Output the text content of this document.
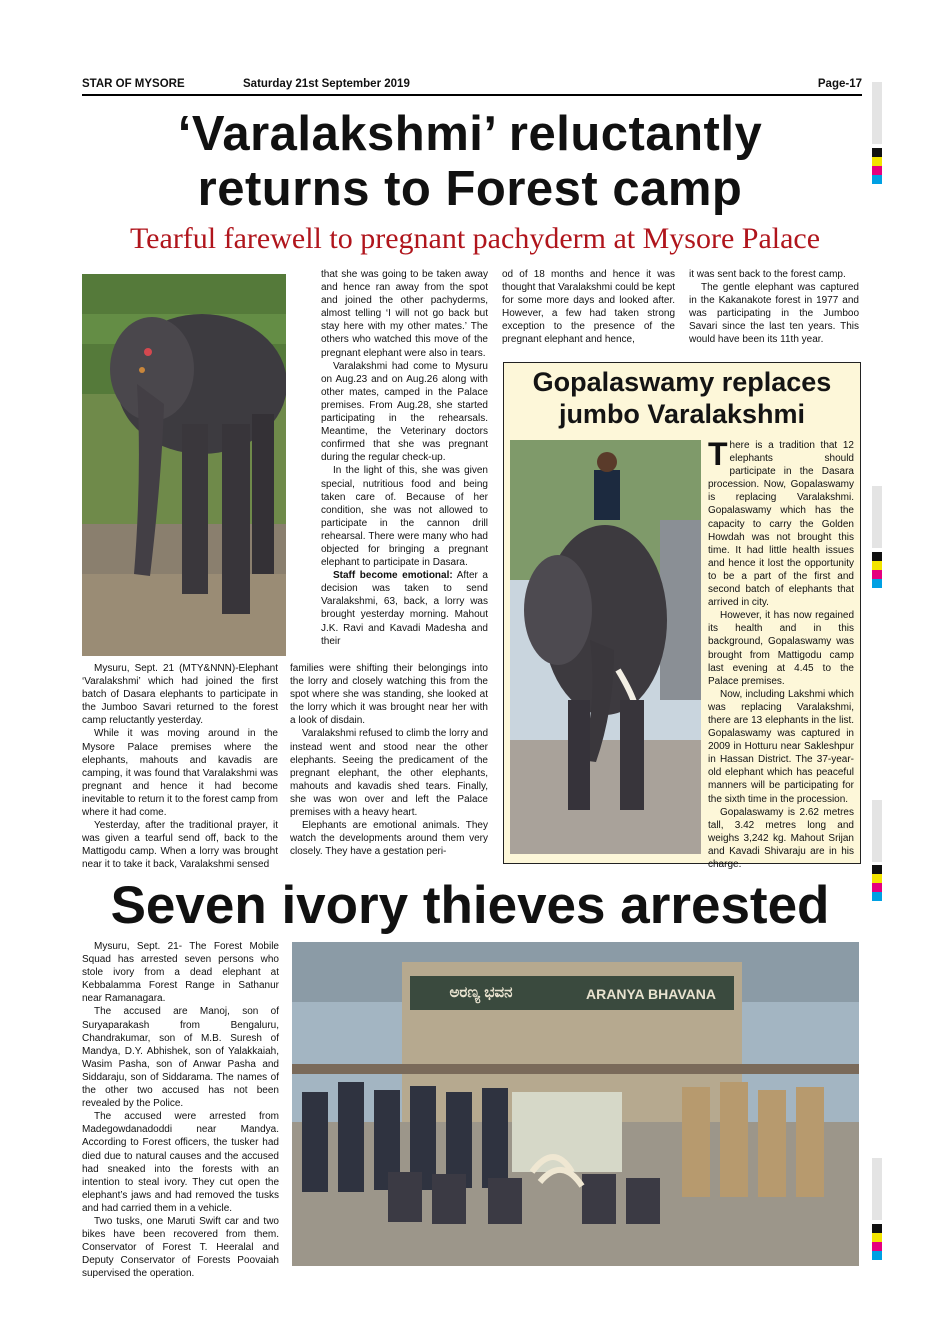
STAR OF MYSORE	Saturday 21st September 2019	Page-17
‘Varalakshmi’ reluctantly
returns to Forest camp
Tearful farewell to pregnant pachyderm at Mysore Palace

Mysuru, Sept. 21 (MTY&NNN)-Elephant ‘Varalakshmi’ which had joined the first batch of Dasara elephants to participate in the Jumboo Savari returned to the forest camp reluctantly yesterday.

While it was moving around in the Mysore Palace premises where the elephants, mahouts and kavadis are camping, it was found that Varalakshmi was pregnant and hence it had become inevitable to return it to the forest camp from where it had come.

Yesterday, after the traditional prayer, it was given a tearful send off, back to the Mattigodu camp. When a lorry was brought near it to take it back, Varalakshmi sensed

that she was going to be taken away and hence ran away from the spot and joined the other pachyderms, almost telling ‘I will not go back but stay here with my other mates.’ The others who watched this move of the pregnant elephant were also in tears.

Varalakshmi had come to Mysuru on Aug.23 and on Aug.26 along with other mates, camped in the Palace premises. From Aug.28, she started participating in the rehearsals. Meantime, the Veterinary doctors confirmed that she was pregnant during the regular check-up.

In the light of this, she was given special, nutritious food and being taken care of. Because of her condition, she was not allowed to participate in the cannon drill rehearsal. There were many who had objected for bringing a pregnant elephant to participate in Dasara.

Staff become emotional: After a decision was taken to send Varalakshmi, 63, back, a lorry was brought yesterday morning. Mahout J.K. Ravi and Kavadi Madesha and their

families were shifting their belongings into the lorry and closely watching this from the spot where she was standing, she looked at the lorry which it was brought near her with a look of disdain.

Varalakshmi refused to climb the lorry and instead went and stood near the other elephants. Seeing the predicament of the pregnant elephant, the other elephants, mahouts and kavadis shed tears. Finally, she was won over and left the Palace premises with a heavy heart.

Elephants are emotional animals. They watch the developments around them very closely. They have a gestation peri-

od of 18 months and hence it was thought that Varalakshmi could be kept for some more days and looked after. However, a few had taken strong exception to the presence of the pregnant elephant and hence,

it was sent back to the forest camp.

The gentle elephant was captured in the Kakanakote forest in 1977 and was participating in the Jumboo Savari since the last ten years. This would have been its 11th year.

Gopalaswamy replaces
jumbo Varalakshmi

There is a tradition that 12 elephants should participate in the Dasara procession. Now, Gopalaswamy is replacing Varalakshmi. Gopalaswamy which has the capacity to carry the Golden Howdah was not brought this time. It had little health issues and hence it lost the opportunity to be a part of the first and second batch of elephants that arrived in city.

However, it has now regained its health and in this background, Gopalaswamy was brought from Mattigodu camp last evening at 4.45 to the Palace premises.

Now, including Lakshmi which was replacing Varalakshmi, there are 13 elephants in the list. Gopalaswamy was captured in 2009 in Hotturu near Sakleshpur in Hassan District. The 37-year-old elephant which has peaceful manners will be participating for the sixth time in the procession.

Gopalaswamy is 2.62 metres tall, 3.42 metres long and weighs 3,242 kg. Mahout Srijan and Kavadi Shivaraju are in his charge.

Seven ivory thieves arrested

Mysuru, Sept. 21- The Forest Mobile Squad has arrested seven persons who stole ivory from a dead elephant at Kebbalamma Forest Range in Sathanur near Ramanagara.

The accused are Manoj, son of Suryaparakash from Bengaluru, Chandrakumar, son of M.B. Suresh of Mandya, D.Y. Abhishek, son of Yalakkaiah, Wasim Pasha, son of Anwar Pasha and Siddaraju, son of Siddarama. The names of the other two accused has not been revealed by the Police.

The accused were arrested from Madegowdanadoddi near Mandya. According to Forest officers, the tusker had died due to natural causes and the accused had sneaked into the forests with an intention to steal ivory. They cut open the elephant’s jaws and had removed the tusks and had carried them in a vehicle.

Two tusks, one Maruti Swift car and two bikes have been recovered from them. Conservator of Forest T. Heeralal and Deputy Conservator of Forests Poovaiah supervised the operation.

ಅರಣ್ಯ ಭವನ	ARANYA BHAVANA
